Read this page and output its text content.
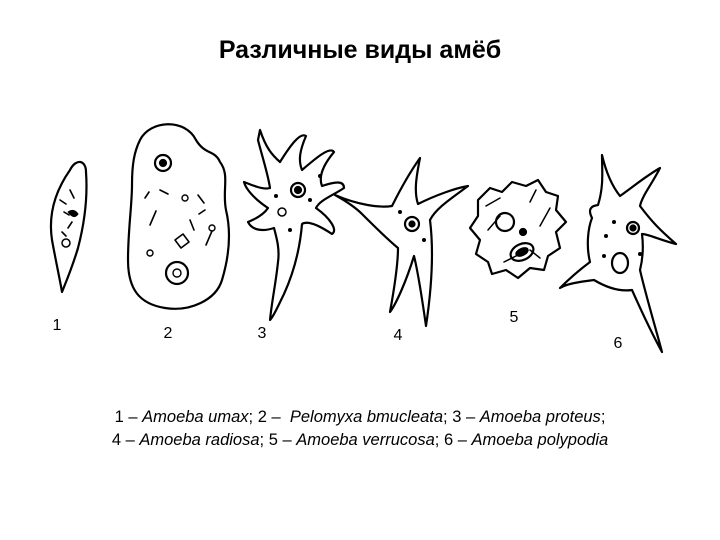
Различные виды амёб
1	2	3	4
5
6
1 – Amoeba umax; 2 –  Pelomyxa bmucleata; 3 – Amoeba proteus;
4 – Amoeba radiosa; 5 – Amoeba verrucosa; 6 – Amoeba polypodia
